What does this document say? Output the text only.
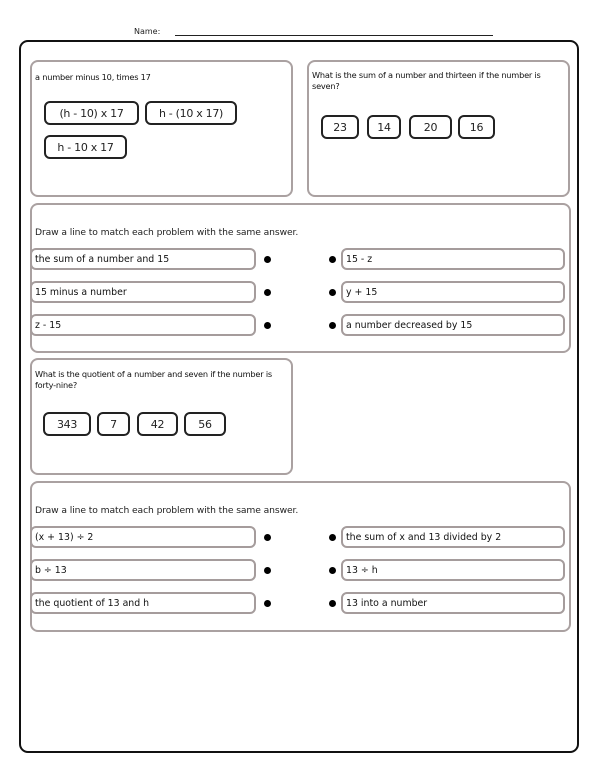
Name:
a number minus 10, times 17
(h - 10) x 17	h - (10 x 17)
h - 10 x 17
What is the sum of a number and thirteen if the number is seven?
23	14	20	16
Draw a line to match each problem with the same answer.
the sum of a number and 15
15 minus a number
z - 15
15 - z
y + 15
a number decreased by 15
What is the quotient of a number and seven if the number is forty-nine?
343	7	42	56
Draw a line to match each problem with the same answer.
(x + 13) ÷ 2
b ÷ 13
the quotient of 13 and h
the sum of x and 13 divided by 2
13 ÷ h
13 into a number
